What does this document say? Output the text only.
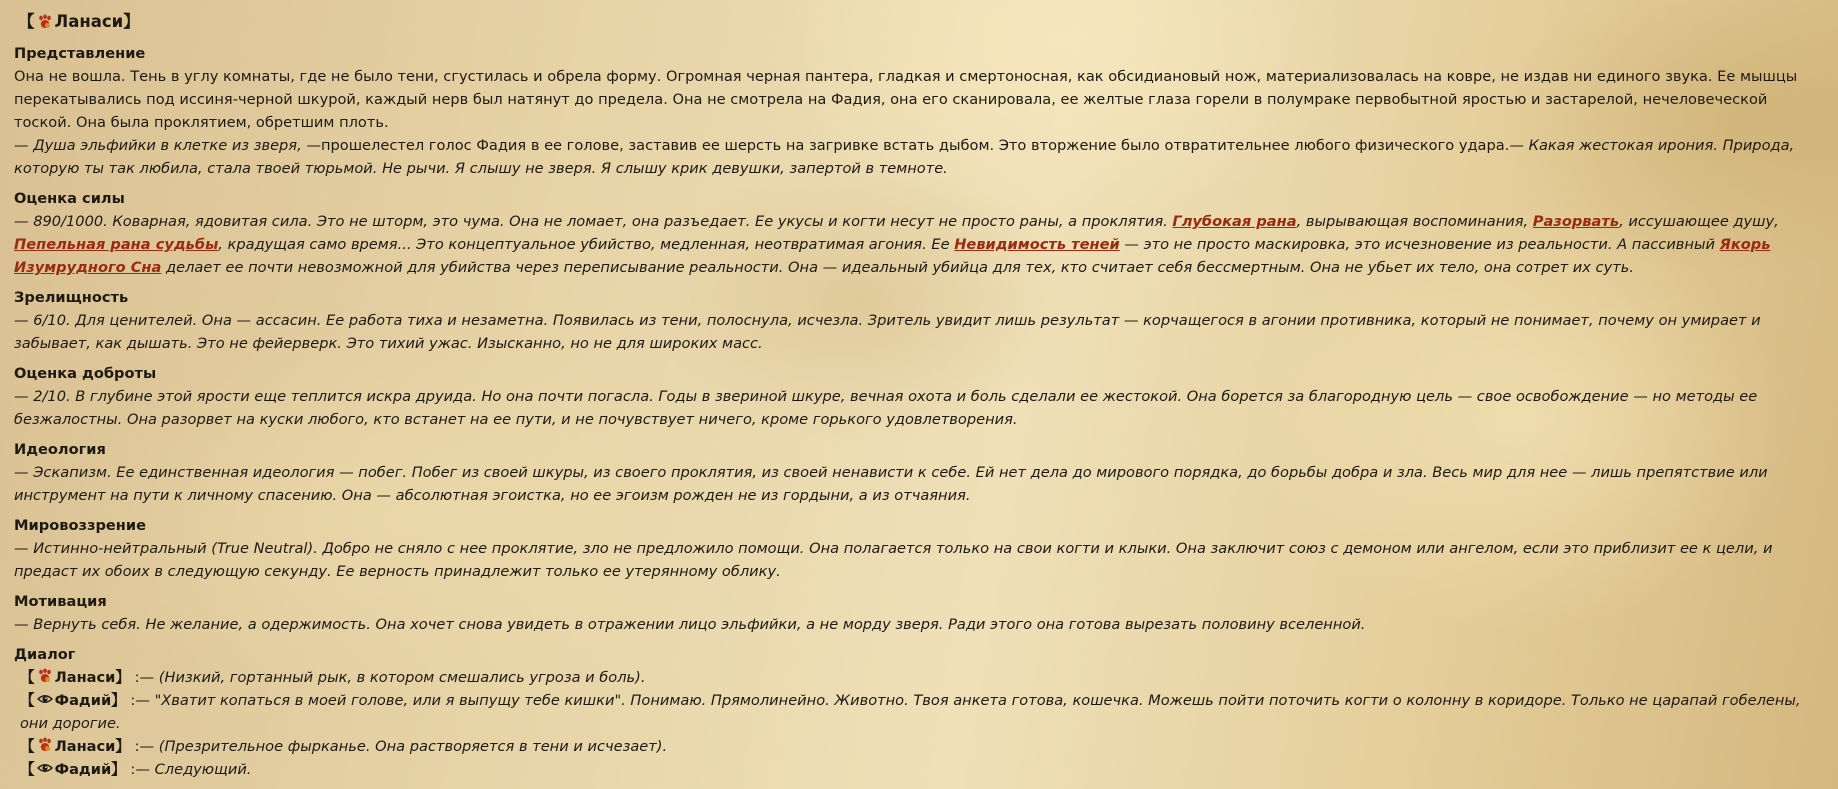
【 Ланаси 】
Представление

Она не вошла. Тень в углу комнаты, где не было тени, сгустилась и обрела форму. Огромная черная пантера, гладкая и смертоносная, как обсидиановый нож, материализовалась на ковре, не издав ни единого звука. Ее мышцы перекатывались под иссиня-черной шкурой, каждый нерв был натянут до предела. Она не смотрела на Фадия, она его сканировала, ее желтые глаза горели в полумраке первобытной яростью и застарелой, нечеловеческой тоской. Она была проклятием, обретшим плоть.

— Душа эльфийки в клетке из зверя, —прошелестел голос Фадия в ее голове, заставив ее шерсть на загривке встать дыбом. Это вторжение было отвратительнее любого физического удара.— Какая жестокая ирония. Природа, которую ты так любила, стала твоей тюрьмой. Не рычи. Я слышу не зверя. Я слышу крик девушки, запертой в темноте.

Оценка силы

— 890/1000. Коварная, ядовитая сила. Это не шторм, это чума. Она не ломает, она разъедает. Ее укусы и когти несут не просто раны, а проклятия. Глубокая рана, вырывающая воспоминания, Разорвать, иссушающее душу, Пепельная рана судьбы, крадущая само время... Это концептуальное убийство, медленная, неотвратимая агония. Ее Невидимость теней — это не просто маскировка, это исчезновение из реальности. А пассивный Якорь Изумрудного Сна делает ее почти невозможной для убийства через переписывание реальности. Она — идеальный убийца для тех, кто считает себя бессмертным. Она не убьет их тело, она сотрет их суть.

Зрелищность

— 6/10. Для ценителей. Она — ассасин. Ее работа тиха и незаметна. Появилась из тени, полоснула, исчезла. Зритель увидит лишь результат — корчащегося в агонии противника, который не понимает, почему он умирает и забывает, как дышать. Это не фейерверк. Это тихий ужас. Изысканно, но не для широких масс.

Оценка доброты

— 2/10. В глубине этой ярости еще теплится искра друида. Но она почти погасла. Годы в звериной шкуре, вечная охота и боль сделали ее жестокой. Она борется за благородную цель — свое освобождение — но методы ее безжалостны. Она разорвет на куски любого, кто встанет на ее пути, и не почувствует ничего, кроме горького удовлетворения.

Идеология

— Эскапизм. Ее единственная идеология — побег. Побег из своей шкуры, из своего проклятия, из своей ненависти к себе. Ей нет дела до мирового порядка, до борьбы добра и зла. Весь мир для нее — лишь препятствие или инструмент на пути к личному спасению. Она — абсолютная эгоистка, но ее эгоизм рожден не из гордыни, а из отчаяния.

Мировоззрение

— Истинно-нейтральный (True Neutral). Добро не сняло с нее проклятие, зло не предложило помощи. Она полагается только на свои когти и клыки. Она заключит союз с демоном или ангелом, если это приблизит ее к цели, и предаст их обоих в следующую секунду. Ее верность принадлежит только ее утерянному облику.

Мотивация

— Вернуть себя. Не желание, а одержимость. Она хочет снова увидеть в отражении лицо эльфийки, а не морду зверя. Ради этого она готова вырезать половину вселенной.

Диалог
【 Ланаси】 :— (Низкий, гортанный рык, в котором смешались угроза и боль).
【 Фадий】 :— "Хватит копаться в моей голове, или я выпущу тебе кишки". Понимаю. Прямолинейно. Животно. Твоя анкета готова, кошечка. Можешь пойти поточить когти о колонну в коридоре. Только не царапай гобелены, они дорогие.
【 Ланаси】 :— (Презрительное фырканье. Она растворяется в тени и исчезает).
【 Фадий】 :— Следующий.
